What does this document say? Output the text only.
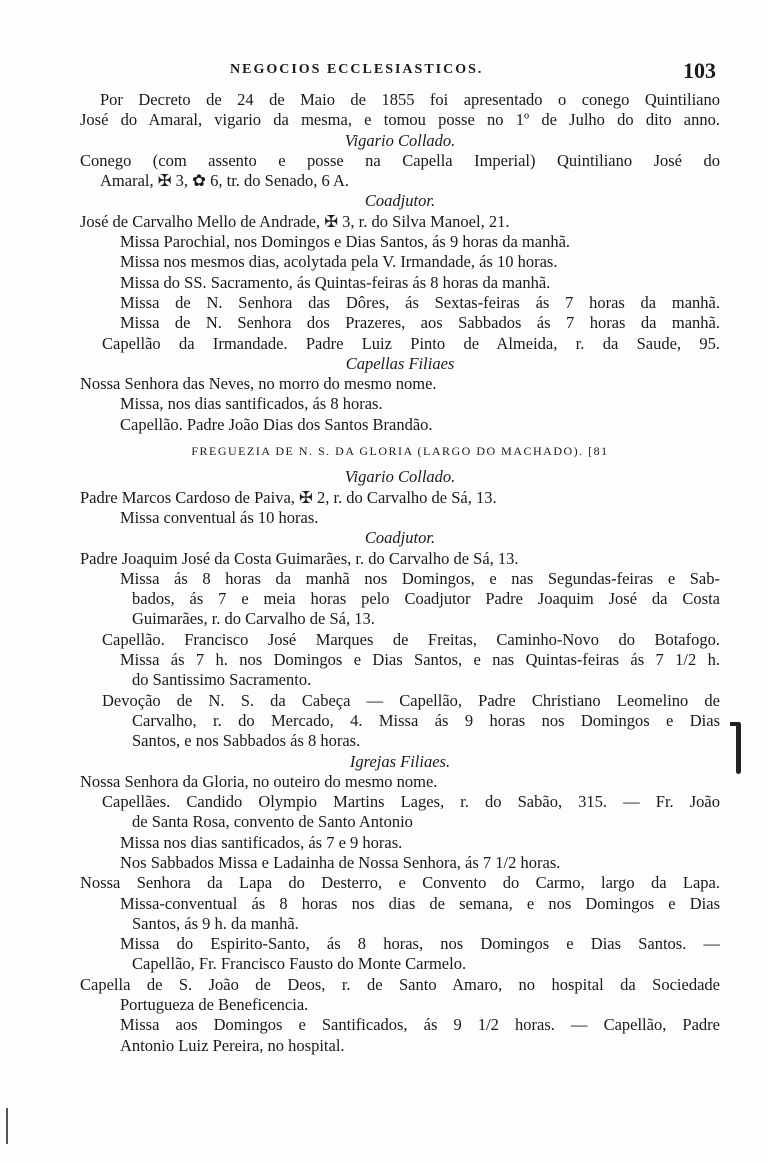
NEGOCIOS ECCLESIASTICOS.	103
Por Decreto de 24 de Maio de 1855 foi apresentado o conego Quintiliano
José do Amaral, vigario da mesma, e tomou posse no 1º de Julho do dito anno.
Vigario Collado.
Conego (com assento e posse na Capella Imperial) Quintiliano José do
Amaral, ✠ 3, ✿ 6, tr. do Senado, 6 A.
Coadjutor.
José de Carvalho Mello de Andrade, ✠ 3, r. do Silva Manoel, 21.
Missa Parochial, nos Domingos e Dias Santos, ás 9 horas da manhã.
Missa nos mesmos dias, acolytada pela V. Irmandade, ás 10 horas.
Missa do SS. Sacramento, ás Quintas-feiras ás 8 horas da manhã.
Missa de N. Senhora das Dôres, ás Sextas-feiras ás 7 horas da manhã.
Missa de N. Senhora dos Prazeres, aos Sabbados ás 7 horas da manhã.
Capellão da Irmandade. Padre Luiz Pinto de Almeida, r. da Saude, 95.
Capellas Filiaes
Nossa Senhora das Neves, no morro do mesmo nome.
Missa, nos dias santificados, ás 8 horas.
Capellão. Padre João Dias dos Santos Brandão.
FREGUEZIA DE N. S. DA GLORIA (LARGO DO MACHADO). [81
Vigario Collado.
Padre Marcos Cardoso de Paiva, ✠ 2, r. do Carvalho de Sá, 13.
Missa conventual ás 10 horas.
Coadjutor.
Padre Joaquim José da Costa Guimarães, r. do Carvalho de Sá, 13.
Missa ás 8 horas da manhã nos Domingos, e nas Segundas-feiras e Sab-
bados, ás 7 e meia horas pelo Coadjutor Padre Joaquim José da Costa
Guimarães, r. do Carvalho de Sá, 13.
Capellão. Francisco José Marques de Freitas, Caminho-Novo do Botafogo.
Missa ás 7 h. nos Domingos e Dias Santos, e nas Quintas-feiras ás 7 1/2 h.
do Santissimo Sacramento.
Devoção de N. S. da Cabeça — Capellão, Padre Christiano Leomelino de
Carvalho, r. do Mercado, 4. Missa ás 9 horas nos Domingos e Dias
Santos, e nos Sabbados ás 8 horas.
Igrejas Filiaes.
Nossa Senhora da Gloria, no outeiro do mesmo nome.
Capellães. Candido Olympio Martins Lages, r. do Sabão, 315. — Fr. João
de Santa Rosa, convento de Santo Antonio
Missa nos dias santificados, ás 7 e 9 horas.
Nos Sabbados Missa e Ladainha de Nossa Senhora, ás 7 1/2 horas.
Nossa Senhora da Lapa do Desterro, e Convento do Carmo, largo da Lapa.
Missa-conventual ás 8 horas nos dias de semana, e nos Domingos e Dias
Santos, ás 9 h. da manhã.
Missa do Espirito-Santo, ás 8 horas, nos Domingos e Dias Santos. —
Capellão, Fr. Francisco Fausto do Monte Carmelo.
Capella de S. João de Deos, r. de Santo Amaro, no hospital da Sociedade
Portugueza de Beneficencia.
Missa aos Domingos e Santificados, ás 9 1/2 horas. — Capellão, Padre
Antonio Luiz Pereira, no hospital.
